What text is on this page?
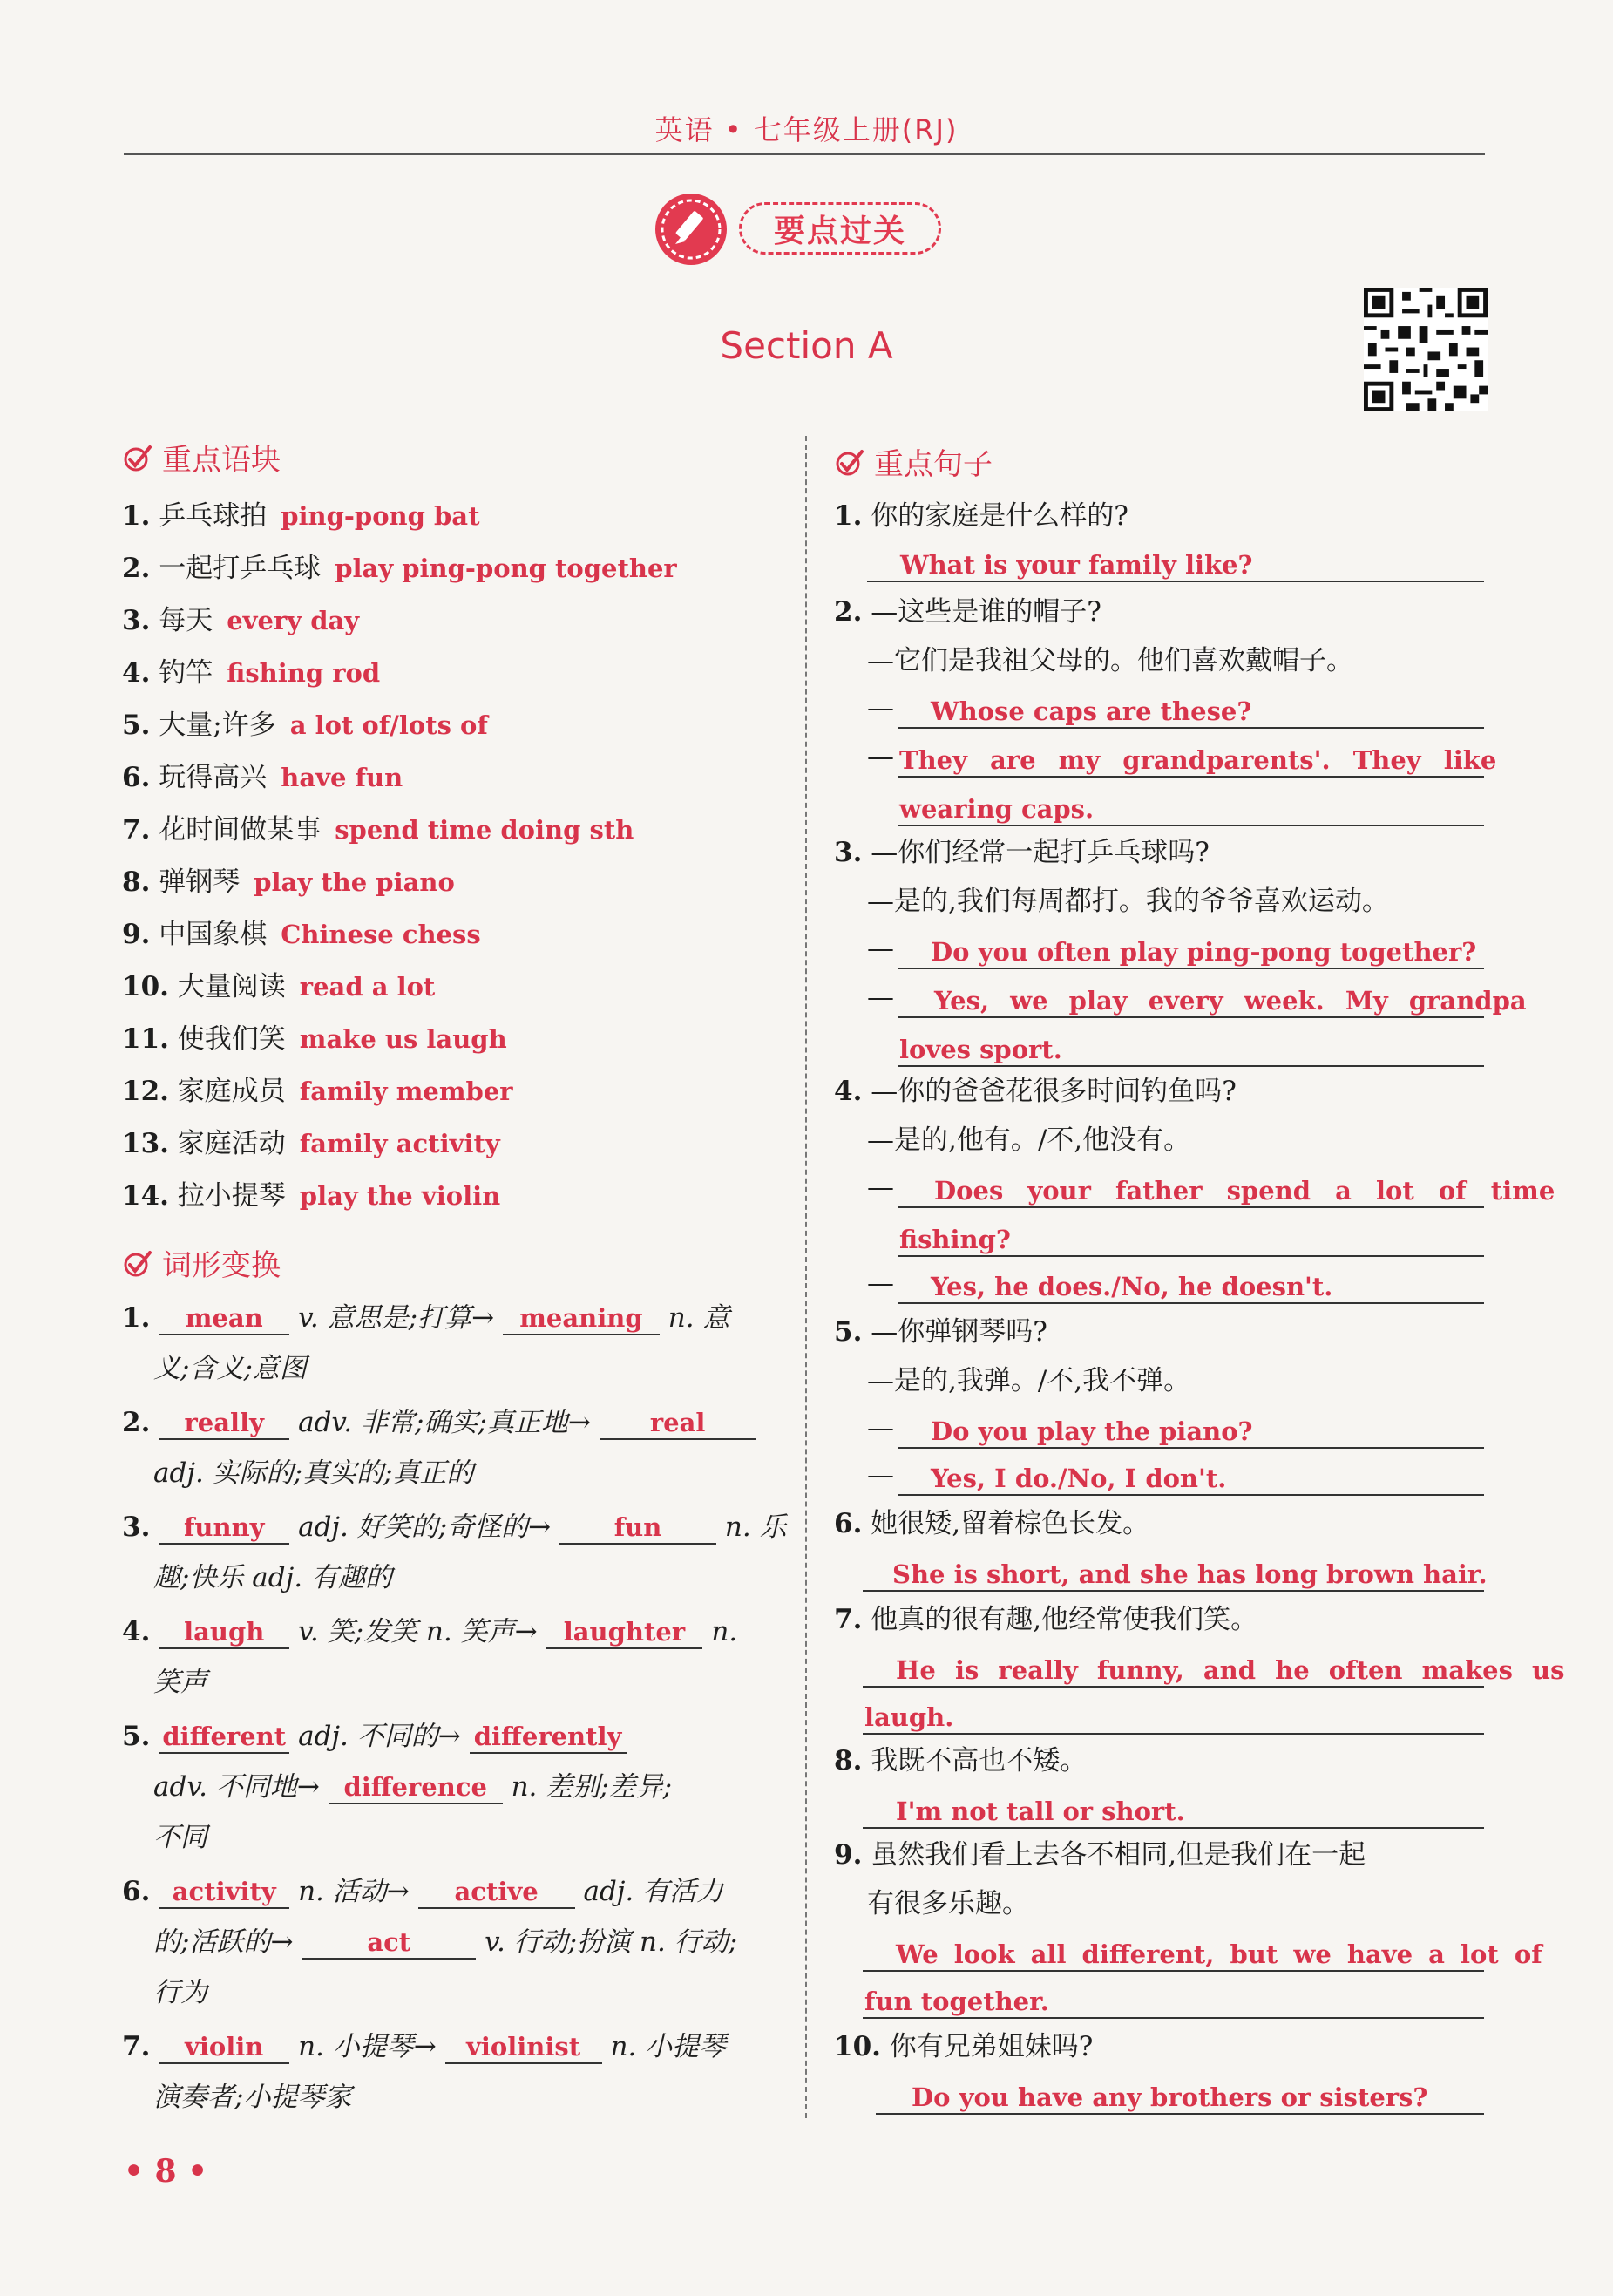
英语 • 七年级上册(RJ)
要点过关
Section A
重点语块
1. 乒乓球拍 ping-pong bat
2. 一起打乒乓球 play ping-pong together
3. 每天 every day
4. 钓竿 fishing rod
5. 大量;许多 a lot of/lots of
6. 玩得高兴 have fun
7. 花时间做某事 spend time doing sth
8. 弹钢琴 play the piano
9. 中国象棋 Chinese chess
10. 大量阅读 read a lot
11. 使我们笑 make us laugh
12. 家庭成员 family member
13. 家庭活动 family activity
14. 拉小提琴 play the violin
词形变换
1. mean v. 意思是;打算→ meaning n. 意
义;含义;意图
2. really adv. 非常;确实;真正地→ real
adj. 实际的;真实的;真正的
3. funny adj. 好笑的;奇怪的→	fun n. 乐
趣;快乐 adj. 有趣的
4. laugh v. 笑;发笑 n. 笑声→ laughter n.
笑声
5. different adj. 不同的→ differently
adv. 不同地→ difference n. 差别;差异;
不同
6. activity n. 活动→ active adj. 有活力
的;活跃的→	act	v. 行动;扮演 n. 行动;
行为
7. violin n. 小提琴→ violinist n. 小提琴
演奏者;小提琴家
重点句子
1. 你的家庭是什么样的?
What is your family like?
2. —这些是谁的帽子?
—它们是我祖父母的。他们喜欢戴帽子。
— Whose caps are these?
— They are my grandparents'. They like
wearing caps.
3. —你们经常一起打乒乓球吗?
—是的,我们每周都打。我的爷爷喜欢运动。
— Do you often play ping-pong together?
— Yes, we play every week. My grandpa
loves sport.
4. —你的爸爸花很多时间钓鱼吗?
—是的,他有。/不,他没有。
— Does your father spend a lot of time
fishing?
— Yes, he does./No, he doesn't.
5. —你弹钢琴吗?
—是的,我弹。/不,我不弹。
— Do you play the piano?
— Yes, I do./No, I don't.
6. 她很矮,留着棕色长发。
She is short, and she has long brown hair.
7. 他真的很有趣,他经常使我们笑。
He is really funny, and he often makes us
laugh.
8. 我既不高也不矮。
I'm not tall or short.
9. 虽然我们看上去各不相同,但是我们在一起
有很多乐趣。
We look all different, but we have a lot of
fun together.
10. 你有兄弟姐妹吗?
Do you have any brothers or sisters?
• 8 •
